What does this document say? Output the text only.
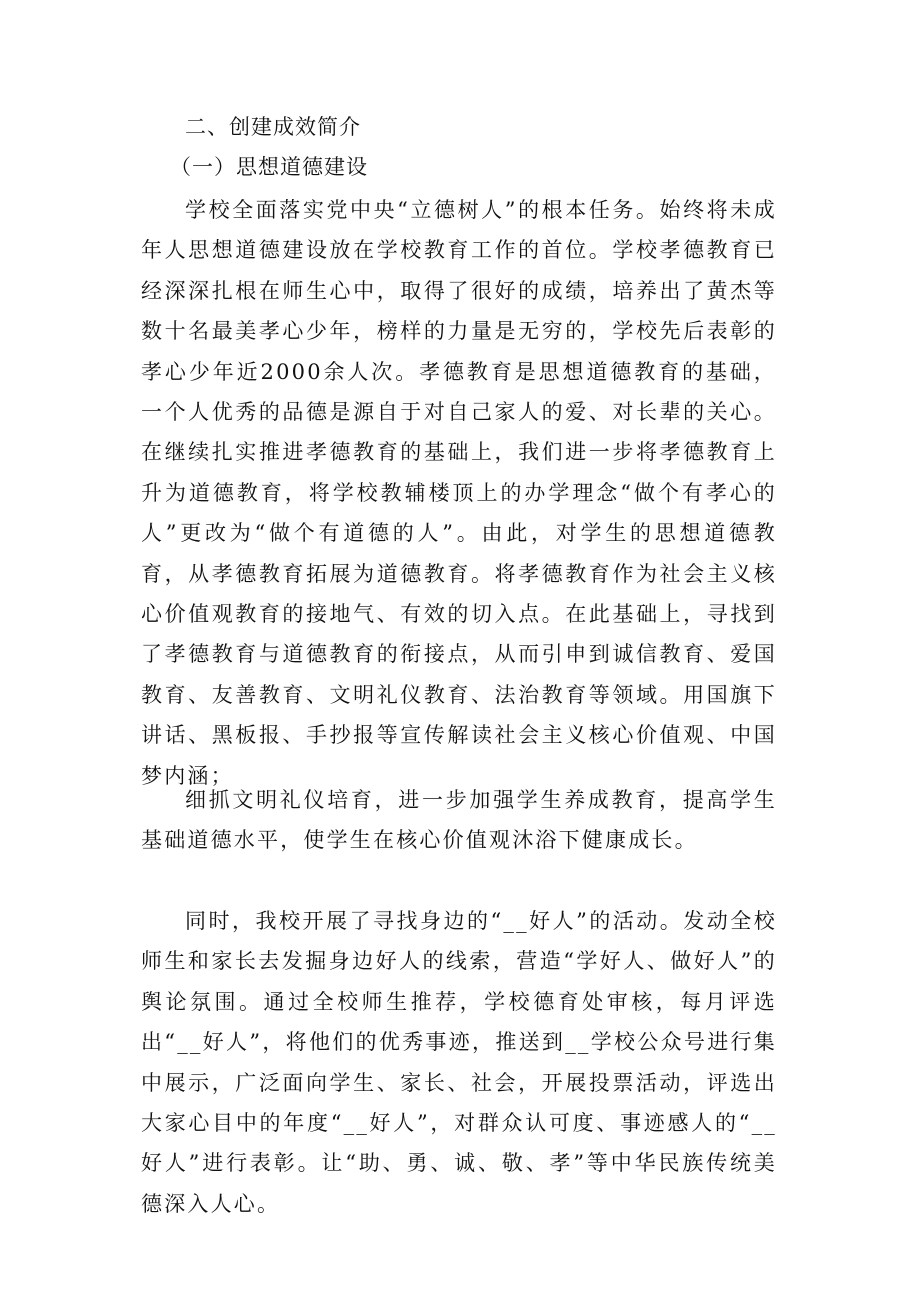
二、创建成效简介
（一）思想道德建设

学校全面落实党中央“立德树人”的根本任务。始终将未成年人思想道德建设放在学校教育工作的首位。学校孝德教育已经深深扎根在师生心中，取得了很好的成绩，培养出了黄杰等数十名最美孝心少年，榜样的力量是无穷的，学校先后表彰的孝心少年近2000余人次。孝德教育是思想道德教育的基础，一个人优秀的品德是源自于对自己家人的爱、对长辈的关心。在继续扎实推进孝德教育的基础上，我们进一步将孝德教育上升为道德教育，将学校教辅楼顶上的办学理念“做个有孝心的人”更改为“做个有道德的人”。由此，对学生的思想道德教育，从孝德教育拓展为道德教育。将孝德教育作为社会主义核心价值观教育的接地气、有效的切入点。在此基础上，寻找到了孝德教育与道德教育的衔接点，从而引申到诚信教育、爱国教育、友善教育、文明礼仪教育、法治教育等领域。用国旗下讲话、黑板报、手抄报等宣传解读社会主义核心价值观、中国梦内涵；

细抓文明礼仪培育，进一步加强学生养成教育，提高学生基础道德水平，使学生在核心价值观沐浴下健康成长。

同时，我校开展了寻找身边的“__好人”的活动。发动全校师生和家长去发掘身边好人的线索，营造“学好人、做好人”的舆论氛围。通过全校师生推荐，学校德育处审核，每月评选出“__好人”，将他们的优秀事迹，推送到__学校公众号进行集中展示，广泛面向学生、家长、社会，开展投票活动，评选出大家心目中的年度“__好人”，对群众认可度、事迹感人的“__好人”进行表彰。让“助、勇、诚、敬、孝”等中华民族传统美德深入人心。
